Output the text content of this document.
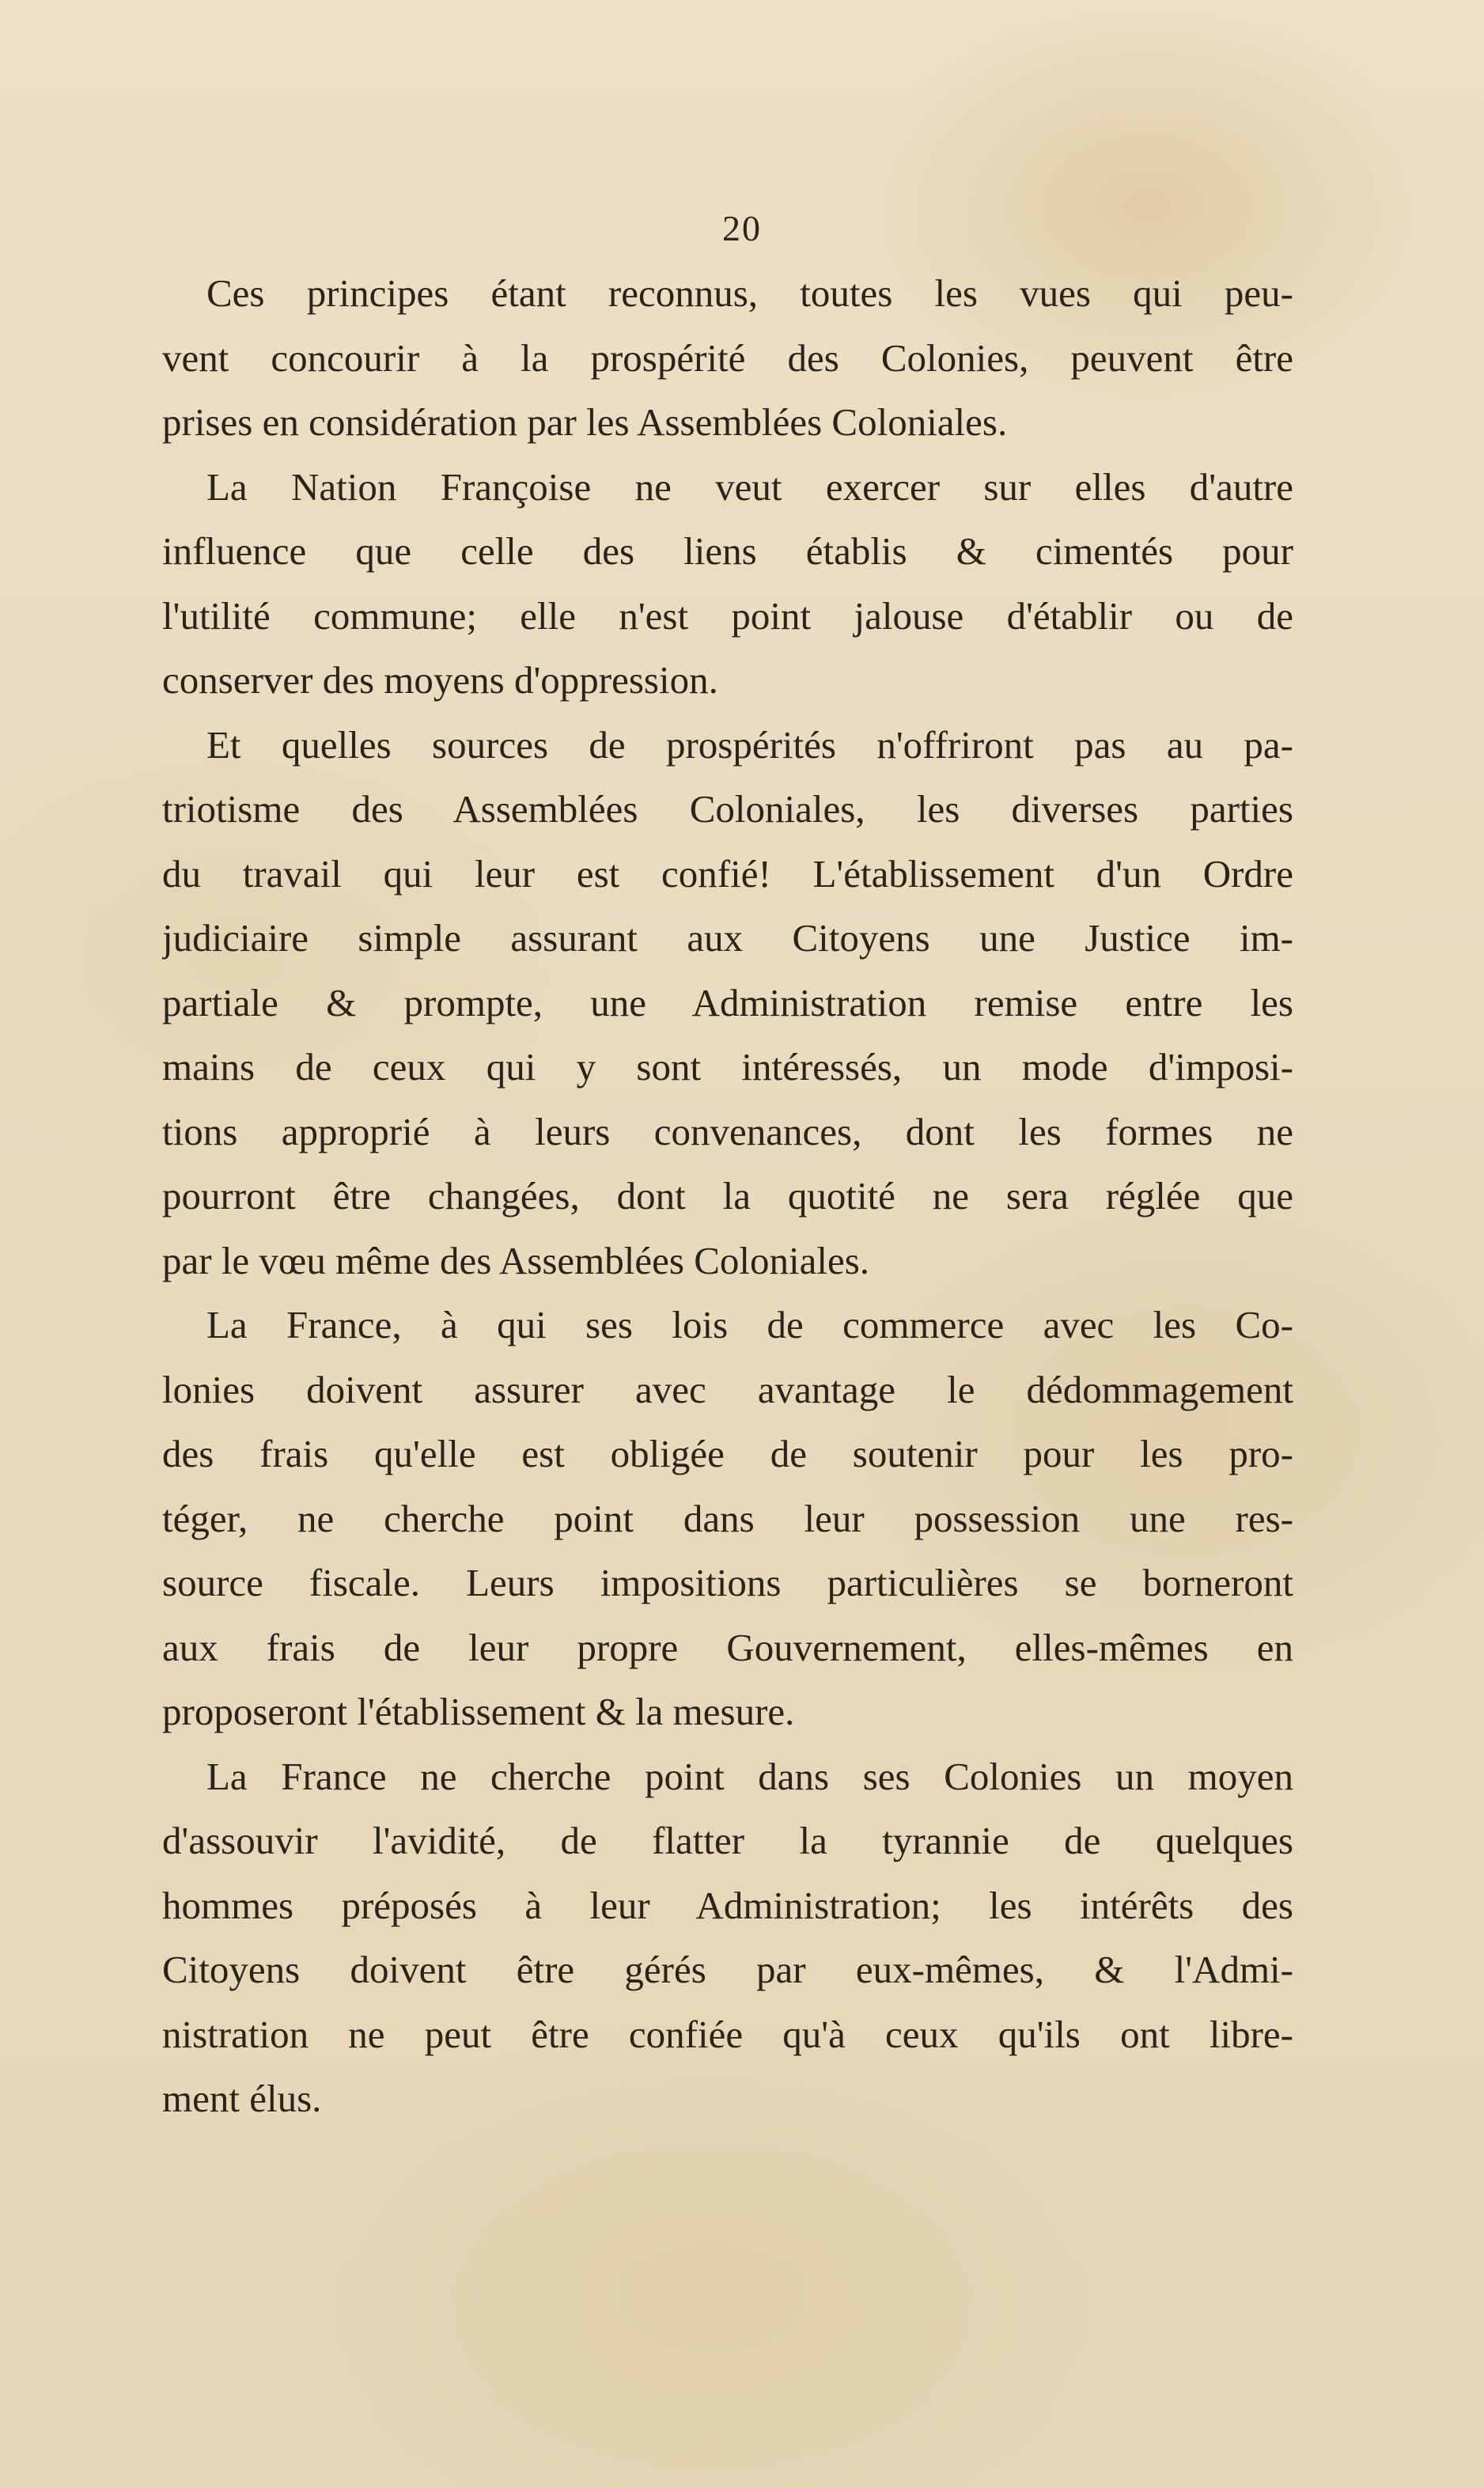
20
Ces principes étant reconnus, toutes les vues qui peu-
vent concourir à la prospérité des Colonies, peuvent être
prises en considération par les Assemblées Coloniales.
La Nation Françoise ne veut exercer sur elles d'autre
influence que celle des liens établis & cimentés pour
l'utilité commune; elle n'est point jalouse d'établir ou de
conserver des moyens d'oppression.
Et quelles sources de prospérités n'offriront pas au pa-
triotisme des Assemblées Coloniales, les diverses parties
du travail qui leur est confié! L'établissement d'un Ordre
judiciaire simple assurant aux Citoyens une Justice im-
partiale & prompte, une Administration remise entre les
mains de ceux qui y sont intéressés, un mode d'imposi-
tions approprié à leurs convenances, dont les formes ne
pourront être changées, dont la quotité ne sera réglée que
par le vœu même des Assemblées Coloniales.
La France, à qui ses lois de commerce avec les Co-
lonies doivent assurer avec avantage le dédommagement
des frais qu'elle est obligée de soutenir pour les pro-
téger, ne cherche point dans leur possession une res-
source fiscale. Leurs impositions particulières se borneront
aux frais de leur propre Gouvernement, elles-mêmes en
proposeront l'établissement & la mesure.
La France ne cherche point dans ses Colonies un moyen
d'assouvir l'avidité, de flatter la tyrannie de quelques
hommes préposés à leur Administration; les intérêts des
Citoyens doivent être gérés par eux-mêmes, & l'Admi-
nistration ne peut être confiée qu'à ceux qu'ils ont libre-
ment élus.
